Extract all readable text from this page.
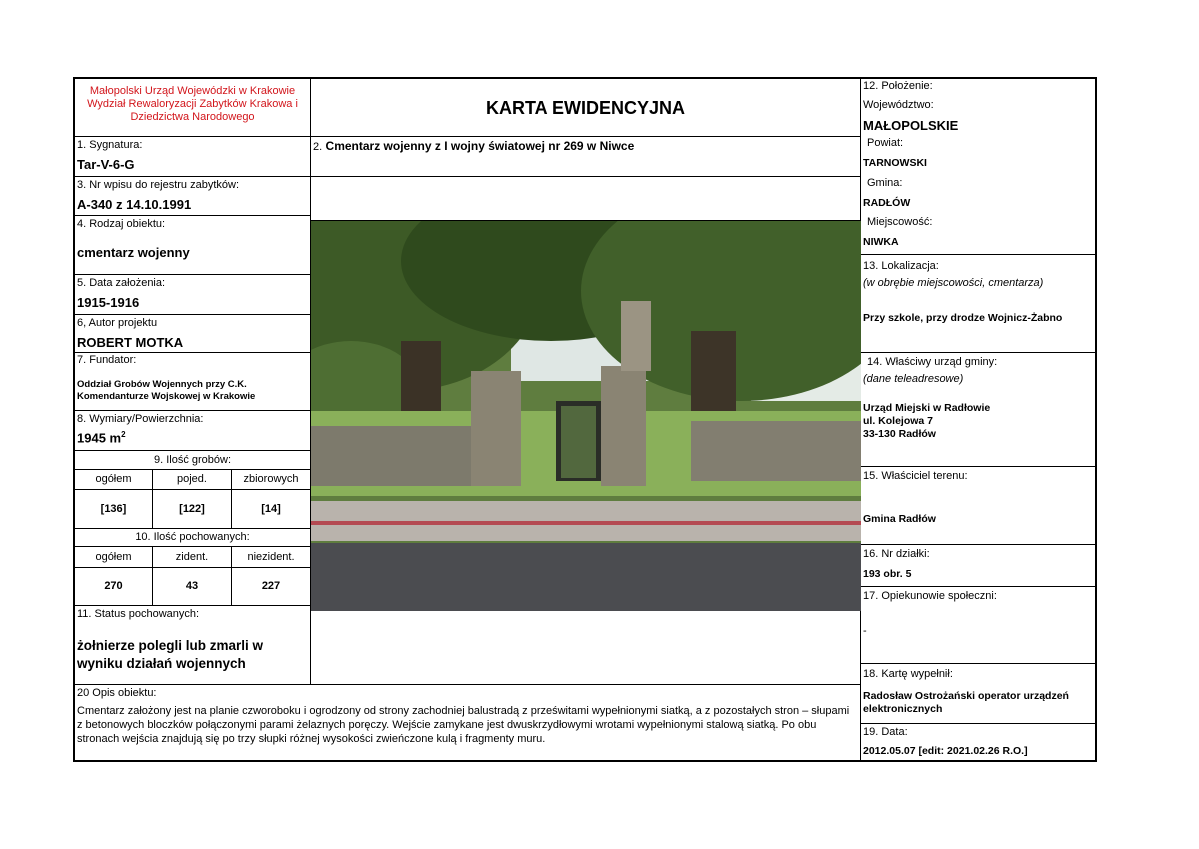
Małopolski Urząd Wojewódzki w Krakowie Wydział Rewaloryzacji Zabytków Krakowa i Dziedzictwa Narodowego
1. Sygnatura:
Tar-V-6-G
3. Nr wpisu do rejestru zabytków:
A-340 z 14.10.1991
4. Rodzaj obiektu:
cmentarz wojenny
5. Data założenia:
1915-1916
6, Autor projektu
ROBERT MOTKA
7. Fundator:
Oddział Grobów Wojennych przy C.K. Komendanturze Wojskowej w Krakowie
8. Wymiary/Powierzchnia:
1945 $m^2$
9. Ilość grobów:
ogółem	pojed.	zbiorowych
[136]	[122]	[14]
10. Ilość pochowanych:
ogółem	zident.	niezident.
270	43	227
11. Status pochowanych:
żołnierze polegli lub zmarli w wyniku działań wojennych
KARTA EWIDENCYJNA
2. Cmentarz wojenny z I wojny światowej nr 269 w Niwce
12. Położenie:
Województwo:
MAŁOPOLSKIE
Powiat:
TARNOWSKI
Gmina:
RADŁÓW
Miejscowość:
NIWKA
13. Lokalizacja:
(w obrębie miejscowości, cmentarza)
Przy szkole, przy drodze Wojnicz-Żabno
14. Właściwy urząd gminy:
(dane teleadresowe)
Urząd Miejski w Radłowie
ul. Kolejowa 7
33-130 Radłów
15. Właściciel terenu:
Gmina Radłów
16. Nr działki:
193 obr. 5
17. Opiekunowie społeczni:
-
18. Kartę wypełnił:
Radosław Ostrożański operator urządzeń elektronicznych
19. Data:
2012.05.07 [edit: 2021.02.26 R.O.]
20 Opis obiektu:
Cmentarz założony jest na planie czworoboku i ogrodzony od strony zachodniej balustradą z prześwitami wypełnionymi siatką, a z pozostałych stron – słupami z betonowych bloczków połączonymi parami żelaznych poręczy. Wejście zamykane jest dwuskrzydłowymi wrotami wypełnionymi stalową siatką. Po obu stronach wejścia znajdują się po trzy słupki różnej wysokości zwieńczone kulą i fragmenty muru.
